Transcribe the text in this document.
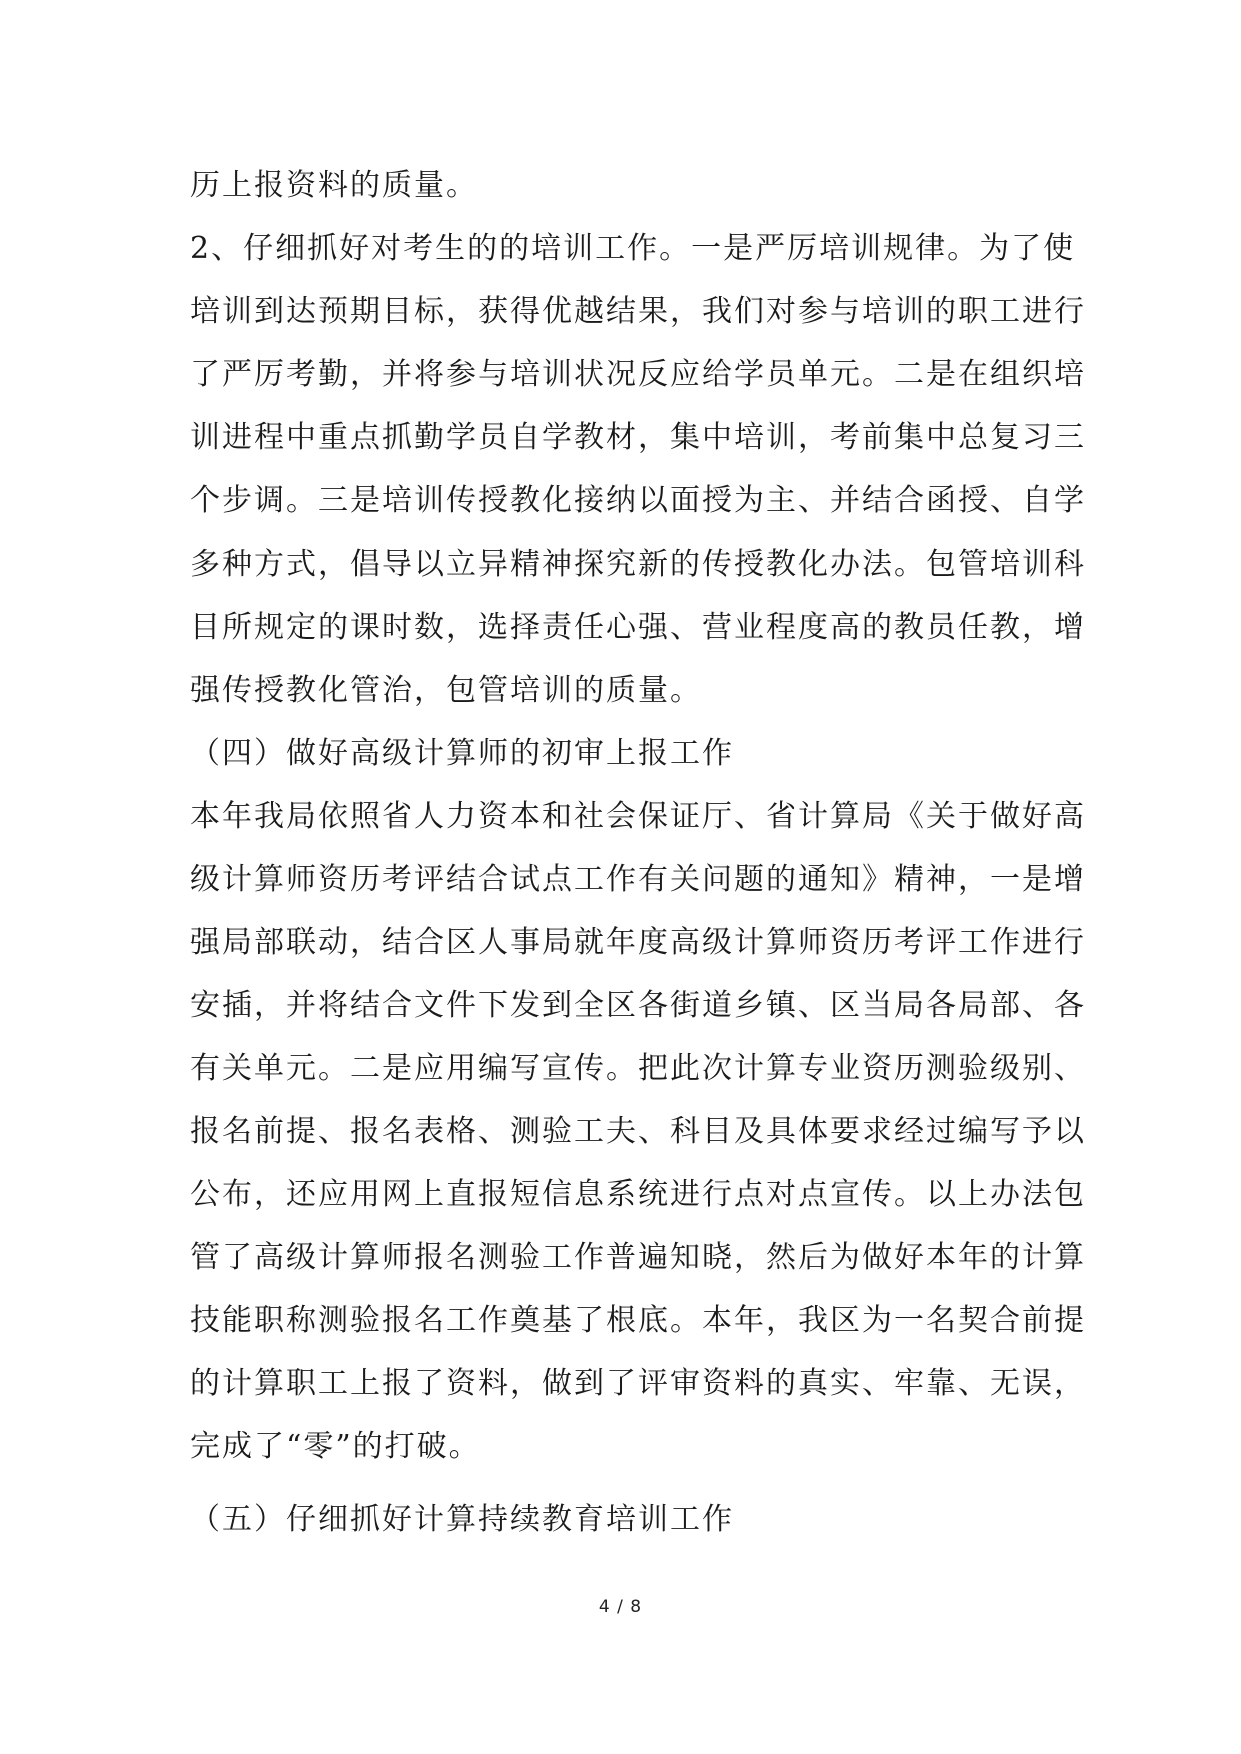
历上报资料的质量。
2、仔细抓好对考生的的培训工作。一是严厉培训规律。为了使
培训到达预期目标，获得优越结果，我们对参与培训的职工进行
了严厉考勤，并将参与培训状况反应给学员单元。二是在组织培
训进程中重点抓勤学员自学教材，集中培训，考前集中总复习三
个步调。三是培训传授教化接纳以面授为主、并结合函授、自学
多种方式，倡导以立异精神探究新的传授教化办法。包管培训科
目所规定的课时数，选择责任心强、营业程度高的教员任教，增
强传授教化管治，包管培训的质量。
（四）做好高级计算师的初审上报工作
本年我局依照省人力资本和社会保证厅、省计算局《关于做好高
级计算师资历考评结合试点工作有关问题的通知》精神，一是增
强局部联动，结合区人事局就年度高级计算师资历考评工作进行
安插，并将结合文件下发到全区各街道乡镇、区当局各局部、各
有关单元。二是应用编写宣传。把此次计算专业资历测验级别、
报名前提、报名表格、测验工夫、科目及具体要求经过编写予以
公布，还应用网上直报短信息系统进行点对点宣传。以上办法包
管了高级计算师报名测验工作普遍知晓，然后为做好本年的计算
技能职称测验报名工作奠基了根底。本年，我区为一名契合前提
的计算职工上报了资料，做到了评审资料的真实、牢靠、无误，
完成了“零”的打破。
（五）仔细抓好计算持续教育培训工作
4 / 8
